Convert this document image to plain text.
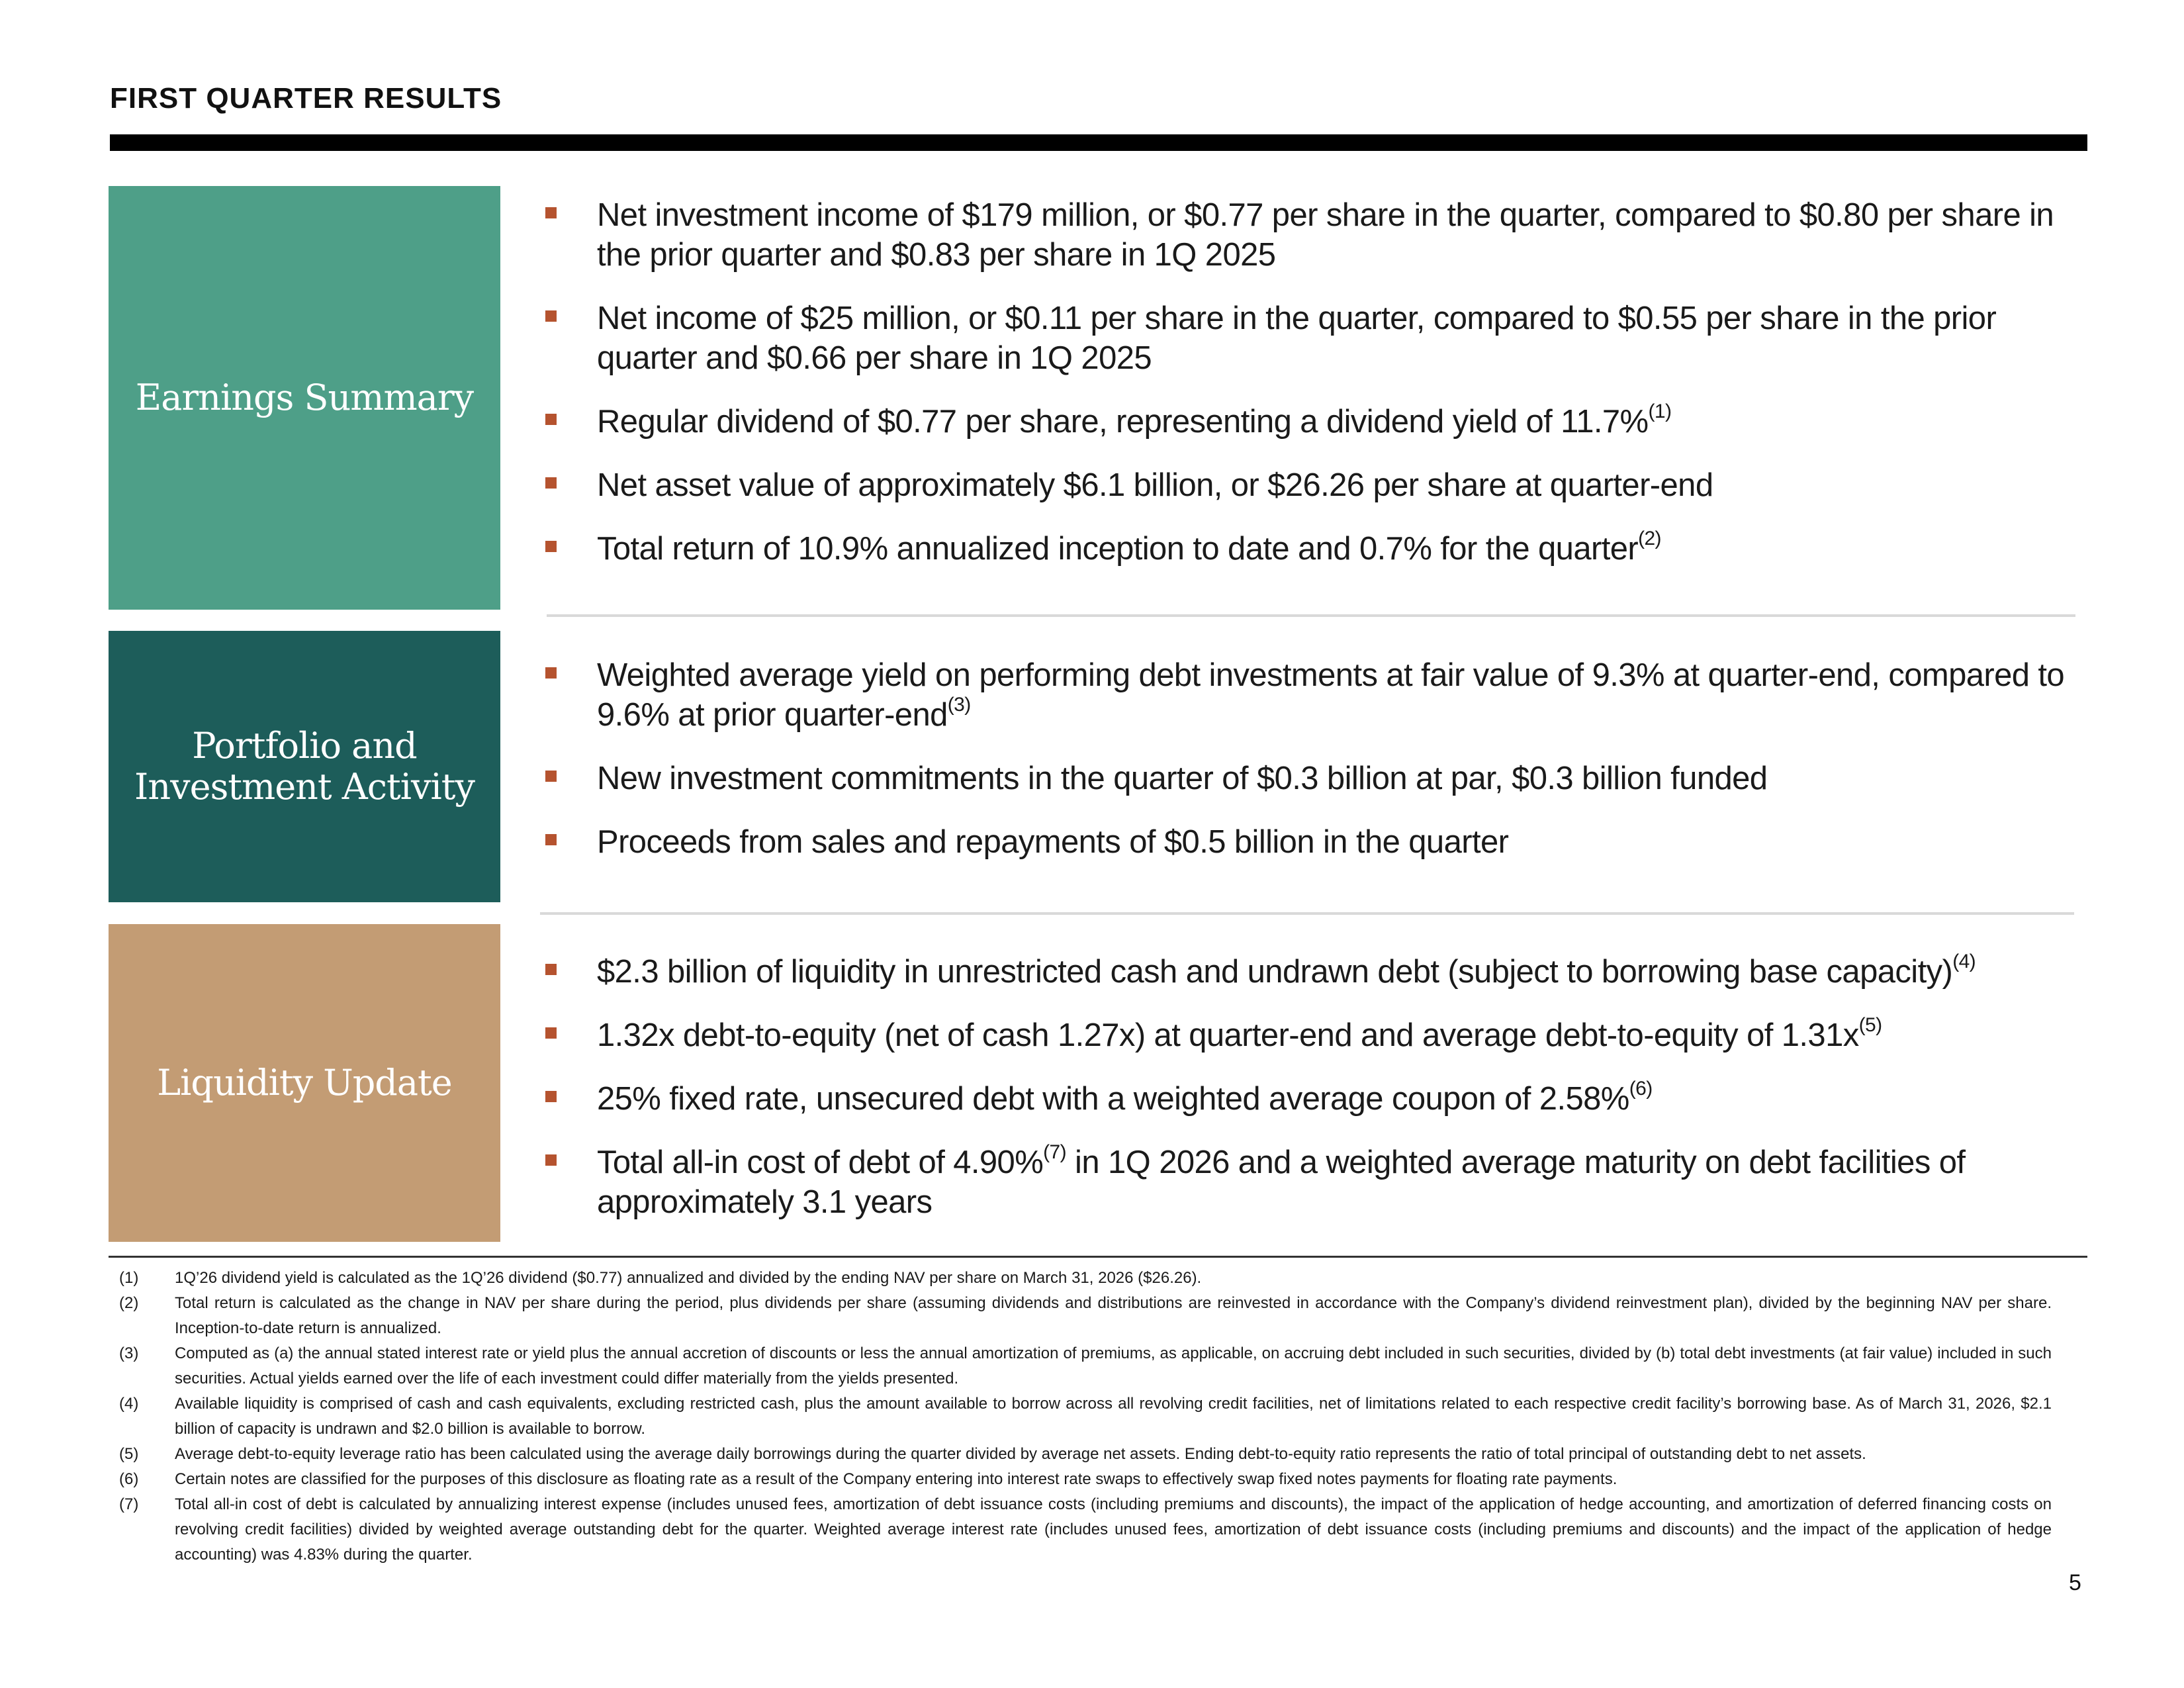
FIRST QUARTER RESULTS
Earnings Summary
Net investment income of $179 million, or $0.77 per share in the quarter, compared to $0.80 per share in the prior quarter and $0.83 per share in 1Q 2025
Net income of $25 million, or $0.11 per share in the quarter, compared to $0.55 per share in the prior quarter and $0.66 per share in 1Q 2025
Regular dividend of $0.77 per share, representing a dividend yield of 11.7%$^{(1)}$
Net asset value of approximately $6.1 billion, or $26.26 per share at quarter-end
Total return of 10.9% annualized inception to date and 0.7% for the quarter$^{(2)}$
Portfolio and Investment Activity
Weighted average yield on performing debt investments at fair value of 9.3% at quarter-end, compared to 9.6% at prior quarter-end$^{(3)}$
New investment commitments in the quarter of $0.3 billion at par, $0.3 billion funded
Proceeds from sales and repayments of $0.5 billion in the quarter
Liquidity Update
$2.3 billion of liquidity in unrestricted cash and undrawn debt (subject to borrowing base capacity)$^{(4)}$
1.32x debt-to-equity (net of cash 1.27x) at quarter-end and average debt-to-equity of $1.31x^{(5)}$
25% fixed rate, unsecured debt with a weighted average coupon of 2.58%$^{(6)}$
Total all-in cost of debt of 4.90%$^{(7)}$ in 1Q 2026 and a weighted average maturity on debt facilities of approximately 3.1 years
(1)	1Q’26 dividend yield is calculated as the 1Q’26 dividend ($0.77) annualized and divided by the ending NAV per share on March 31, 2026 ($26.26).
(2)	Total return is calculated as the change in NAV per share during the period, plus dividends per share (assuming dividends and distributions are reinvested in accordance with the Company’s dividend reinvestment plan), divided by the beginning NAV per share. Inception-to-date return is annualized.
(3)	Computed as (a) the annual stated interest rate or yield plus the annual accretion of discounts or less the annual amortization of premiums, as applicable, on accruing debt included in such securities, divided by (b) total debt investments (at fair value) included in such securities. Actual yields earned over the life of each investment could differ materially from the yields presented.
(4)	Available liquidity is comprised of cash and cash equivalents, excluding restricted cash, plus the amount available to borrow across all revolving credit facilities, net of limitations related to each respective credit facility’s borrowing base. As of March 31, 2026, $2.1 billion of capacity is undrawn and $2.0 billion is available to borrow.
(5)	Average debt-to-equity leverage ratio has been calculated using the average daily borrowings during the quarter divided by average net assets. Ending debt-to-equity ratio represents the ratio of total principal of outstanding debt to net assets.
(6)	Certain notes are classified for the purposes of this disclosure as floating rate as a result of the Company entering into interest rate swaps to effectively swap fixed notes payments for floating rate payments.
(7)	Total all-in cost of debt is calculated by annualizing interest expense (includes unused fees, amortization of debt issuance costs (including premiums and discounts), the impact of the application of hedge accounting, and amortization of deferred financing costs on revolving credit facilities) divided by weighted average outstanding debt for the quarter. Weighted average interest rate (includes unused fees, amortization of debt issuance costs (including premiums and discounts) and the impact of the application of hedge accounting) was 4.83% during the quarter.
5
